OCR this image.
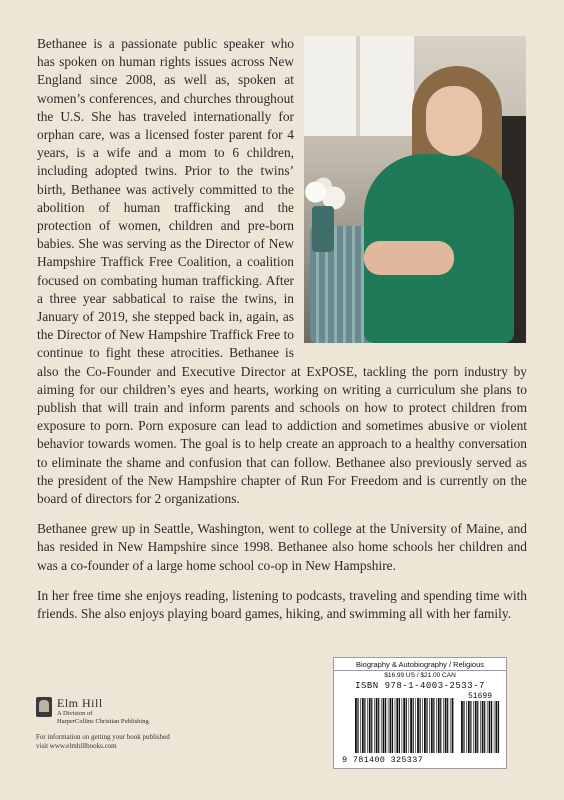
Bethanee is a passionate public speaker who has spoken on human rights issues across New England since 2008, as well as, spoken at women’s conferences, and churches throughout the U.S. She has traveled internationally for orphan care, was a licensed foster parent for 4 years, is a wife and a mom to 6 children, including adopted twins. Prior to the twins’ birth, Bethanee was actively committed to the abolition of human trafficking and the protection of women, children and pre-born babies. She was serving as the Director of New Hampshire Traffick Free Coalition, a coalition focused on combating human trafficking. After a three year sabbatical to raise the twins, in January of 2019, she stepped back in, again, as the Director of New Hampshire Traffick Free to continue to fight these atrocities. Bethanee is also the Co-Founder and Executive Director at ExPOSE, tackling the porn industry by aiming for our children’s eyes and hearts, working on writing a curriculum she plans to publish that will train and inform parents and schools on how to protect children from exposure to porn. Porn exposure can lead to addiction and sometimes abusive or violent behavior towards women. The goal is to help create an approach to a healthy conversation to eliminate the shame and confusion that can follow. Bethanee also previously served as the president of the New Hampshire chapter of Run For Freedom and is currently on the board of directors for 2 organizations.

Bethanee grew up in Seattle, Washington, went to college at the University of Maine, and has resided in New Hampshire since 1998. Bethanee also home schools her children and was a co-founder of a large home school co-op in New Hampshire.

In her free time she enjoys reading, listening to podcasts, traveling and spending time with friends. She also enjoys playing board games, hiking, and swimming all with her family.

Elm Hill
A Division of
HarperCollins Christian Publishing
For information on getting your book published
visit www.elmhillbooks.com
Biography & Autobiography / Religious
$16.99 US / $21.00 CAN
ISBN 978-1-4003-2533-7
51699
9 781400 325337
